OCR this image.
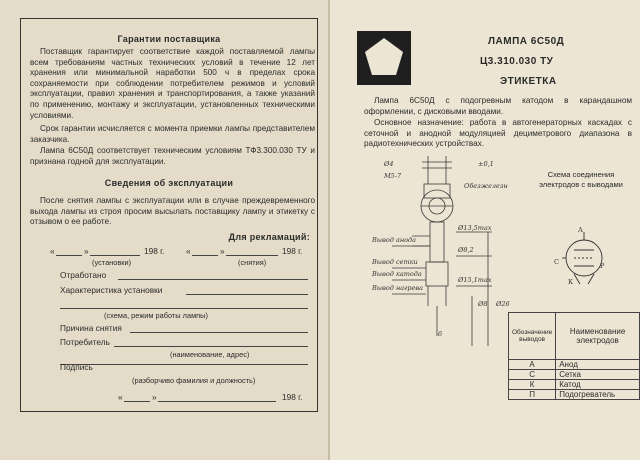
Гарантии поставщика
Поставщик гарантирует соответствие каждой поставляемой лампы всем требованиям частных технических условий в течение 12 лет хранения или минимальной наработки 500 ч в пределах срока сохраняемости при соблюдении потребителем режимов и условий эксплуатации, правил хранения и транспортирования, а также указаний по применению, монтажу и эксплуатации, установленных техническими условиями.
Срок гарантии исчисляется с момента приемки лампы представителем заказчика.
Лампа 6С50Д соответствует техническим условиям ТФ3.300.030 ТУ и признана годной для эксплуатации.
Сведения об эксплуатации
После снятия лампы с эксплуатации или в случае преждевременного выхода лампы из строя просим высылать поставщику лампу и этикетку с отзывом о ее работе.
Для рекламаций:
«	»	198 г.	«	»	198 г.
(установки)	(снятия)
Отработано
Характеристика установки
(схема, режим работы лампы)
Причина снятия
Потребитель
(наименование, адрес)
Подпись
(разборчиво фамилия и должность)
«	»	198 г.
ЛАМПА 6С50Д
Ц3.310.030 ТУ
ЭТИКЕТКА
Лампа 6С50Д с подогревным катодом в карандашном оформлении, с дисковыми вводами.
Основное назначение: работа в автогенераторных каскадах с сеточной и анодной модуляцией дециметрового диапазона в радиотехнических устройствах.
Схема соединения электродов с выводами
Ø4
М5-7
Обезжелезн
Вывод анода
Вывод сетки
Вывод катода
Вывод нагрева
Ø13,5max
Ø8,2
Ø15,1max
Ø26
Ø8
6
±0,1
А
С
К
Р
Обозначение выводов	Наименование электродов
А	Анод
С	Сетка
К	Катод
П	Подогреватель
